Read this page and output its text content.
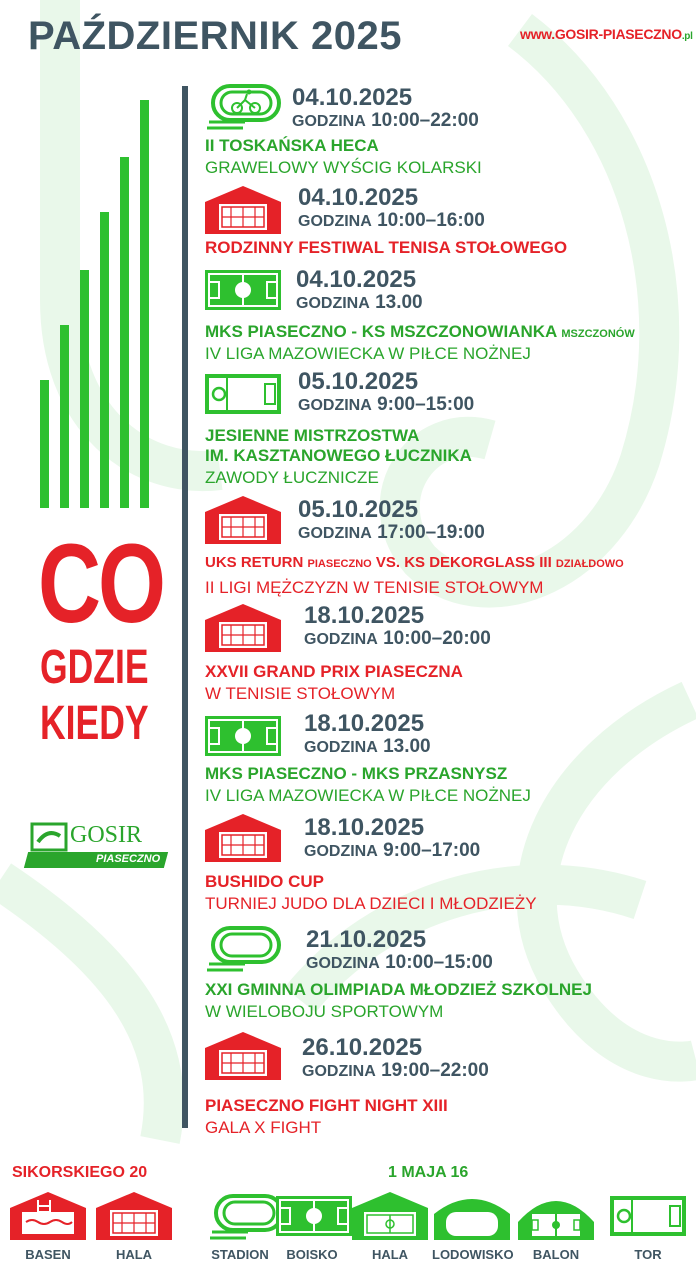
PAŹDZIERNIK 2025	www.GOSIR-PIASECZNO.pl
CO
GDZIE
KIEDY
GOSIR
PIASECZNO
04.10.2025
GODZINA 10:00–22:00
II TOSKAŃSKA HECA
GRAWELOWY WYŚCIG KOLARSKI
04.10.2025
GODZINA 10:00–16:00
RODZINNY FESTIWAL TENISA STOŁOWEGO
04.10.2025
GODZINA 13.00
MKS PIASECZNO - KS MSZCZONOWIANKA MSZCZONÓW
IV LIGA MAZOWIECKA W PIŁCE NOŻNEJ
05.10.2025
GODZINA 9:00–15:00
JESIENNE MISTRZOSTWA
IM. KASZTANOWEGO ŁUCZNIKA
ZAWODY ŁUCZNICZE
05.10.2025
GODZINA 17:00–19:00
UKS RETURN PIASECZNO VS. KS DEKORGLASS III DZIAŁDOWO
II LIGI MĘŻCZYZN W TENISIE STOŁOWYM
18.10.2025
GODZINA 10:00–20:00
XXVII GRAND PRIX PIASECZNA
W TENISIE STOŁOWYM
18.10.2025
GODZINA 13.00
MKS PIASECZNO - MKS PRZASNYSZ
IV LIGA MAZOWIECKA W PIŁCE NOŻNEJ
18.10.2025
GODZINA 9:00–17:00
BUSHIDO CUP
TURNIEJ JUDO DLA DZIECI I MŁODZIEŻY
21.10.2025
GODZINA 10:00–15:00
XXI GMINNA OLIMPIADA MŁODZIEŻ SZKOLNEJ
W WIELOBOJU SPORTOWYM
26.10.2025
GODZINA 19:00–22:00
PIASECZNO FIGHT NIGHT XIII
GALA X FIGHT
SIKORSKIEGO 20	1 MAJA 16
BASEN	HALA	STADION	BOISKO	HALA	LODOWISKO	BALON	TOR
